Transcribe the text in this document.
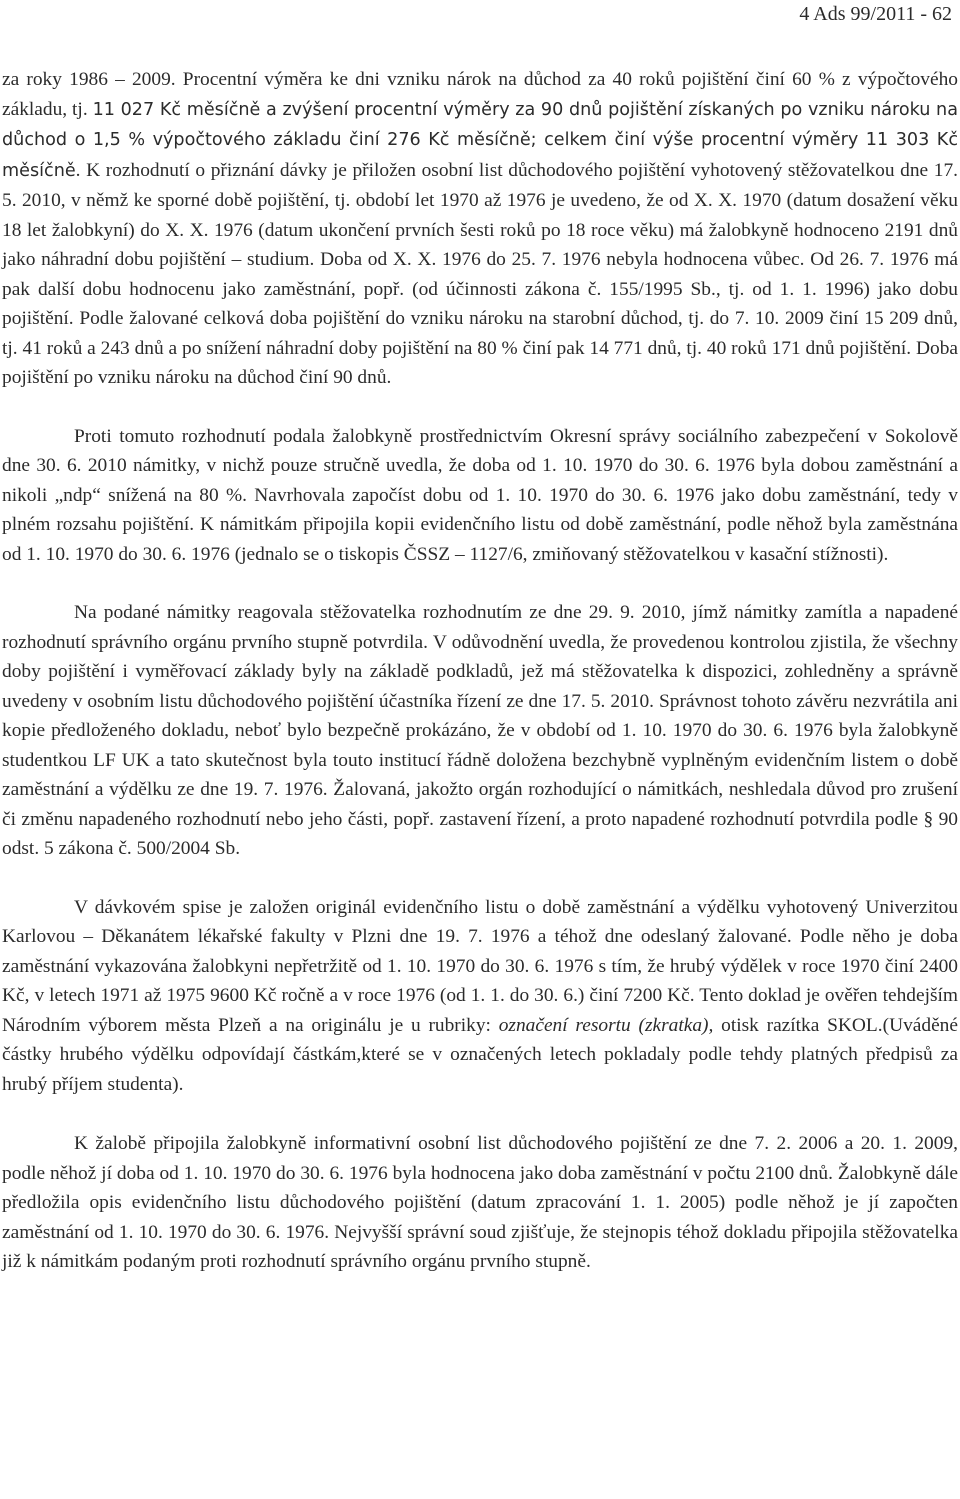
4 Ads 99/2011 - 62

za roky 1986 – 2009. Procentní výměra ke dni vzniku nárok na důchod za 40 roků pojištění činí 60 % z výpočtového základu, tj. 11 027 Kč měsíčně a zvýšení procentní výměry za 90 dnů pojištění získaných po vzniku nároku na důchod o 1,5 % výpočtového základu činí 276 Kč měsíčně; celkem činí výše procentní výměry 11 303 Kč měsíčně. K rozhodnutí o přiznání dávky je přiložen osobní list důchodového pojištění vyhotovený stěžovatelkou dne 17. 5. 2010, v němž ke sporné době pojištění, tj. období let 1970 až 1976 je uvedeno, že od X. X. 1970 (datum dosažení věku 18 let žalobkyní) do X. X. 1976 (datum ukončení prvních šesti roků po 18 roce věku) má žalobkyně hodnoceno 2191 dnů jako náhradní dobu pojištění – studium. Doba od X. X. 1976 do 25. 7. 1976 nebyla hodnocena vůbec. Od 26. 7. 1976 má pak další dobu hodnocenu jako zaměstnání, popř. (od účinnosti zákona č. 155/1995 Sb., tj. od 1. 1. 1996) jako dobu pojištění. Podle žalované celková doba pojištění do vzniku nároku na starobní důchod, tj. do 7. 10. 2009 činí 15 209 dnů, tj. 41 roků a 243 dnů a po snížení náhradní doby pojištění na 80 % činí pak 14 771 dnů, tj. 40 roků 171 dnů pojištění. Doba pojištění po vzniku nároku na důchod činí 90 dnů.

Proti tomuto rozhodnutí podala žalobkyně prostřednictvím Okresní správy sociálního zabezpečení v Sokolově dne 30. 6. 2010 námitky, v nichž pouze stručně uvedla, že doba od 1. 10. 1970 do 30. 6. 1976 byla dobou zaměstnání a nikoli „ndp“ snížená na 80 %. Navrhovala započíst dobu od 1. 10. 1970 do 30. 6. 1976 jako dobu zaměstnání, tedy v plném rozsahu pojištění. K námitkám připojila kopii evidenčního listu od době zaměstnání, podle něhož byla zaměstnána od 1. 10. 1970 do 30. 6. 1976 (jednalo se o tiskopis ČSSZ – 1127/6, zmiňovaný stěžovatelkou v kasační stížnosti).

Na podané námitky reagovala stěžovatelka rozhodnutím ze dne 29. 9. 2010, jímž námitky zamítla a napadené rozhodnutí správního orgánu prvního stupně potvrdila. V odůvodnění uvedla, že provedenou kontrolou zjistila, že všechny doby pojištění i vyměřovací základy byly na základě podkladů, jež má stěžovatelka k dispozici, zohledněny a správně uvedeny v osobním listu důchodového pojištění účastníka řízení ze dne 17. 5. 2010. Správnost tohoto závěru nezvrátila ani kopie předloženého dokladu, neboť bylo bezpečně prokázáno, že v období od 1. 10. 1970 do 30. 6. 1976 byla žalobkyně studentkou LF UK a tato skutečnost byla touto institucí řádně doložena bezchybně vyplněným evidenčním listem o době zaměstnání a výdělku ze dne 19. 7. 1976. Žalovaná, jakožto orgán rozhodující o námitkách, neshledala důvod pro zrušení či změnu napadeného rozhodnutí nebo jeho části, popř. zastavení řízení, a proto napadené rozhodnutí potvrdila podle § 90 odst. 5 zákona č. 500/2004 Sb.

V dávkovém spise je založen originál evidenčního listu o době zaměstnání a výdělku vyhotovený Univerzitou Karlovou – Děkanátem lékařské fakulty v Plzni dne 19. 7. 1976 a téhož dne odeslaný žalované. Podle něho je doba zaměstnání vykazována žalobkyni nepřetržitě od 1. 10. 1970 do 30. 6. 1976 s tím, že hrubý výdělek v roce 1970 činí 2400 Kč, v letech 1971 až 1975 9600 Kč ročně a v roce 1976 (od 1. 1. do 30. 6.) činí 7200 Kč. Tento doklad je ověřen tehdejším Národním výborem města Plzeň a na originálu je u rubriky: označení resortu (zkratka), otisk razítka SKOL.(Uváděné částky hrubého výdělku odpovídají částkám,které se v označených letech pokladaly podle tehdy platných předpisů za hrubý příjem studenta).

K žalobě připojila žalobkyně informativní osobní list důchodového pojištění ze dne 7. 2. 2006 a 20. 1. 2009, podle něhož jí doba od 1. 10. 1970 do 30. 6. 1976 byla hodnocena jako doba zaměstnání v počtu 2100 dnů. Žalobkyně dále předložila opis evidenčního listu důchodového pojištění (datum zpracování 1. 1. 2005) podle něhož je jí započten zaměstnání od 1. 10. 1970 do 30. 6. 1976. Nejvyšší správní soud zjišťuje, že stejnopis téhož dokladu připojila stěžovatelka již k námitkám podaným proti rozhodnutí správního orgánu prvního stupně.
